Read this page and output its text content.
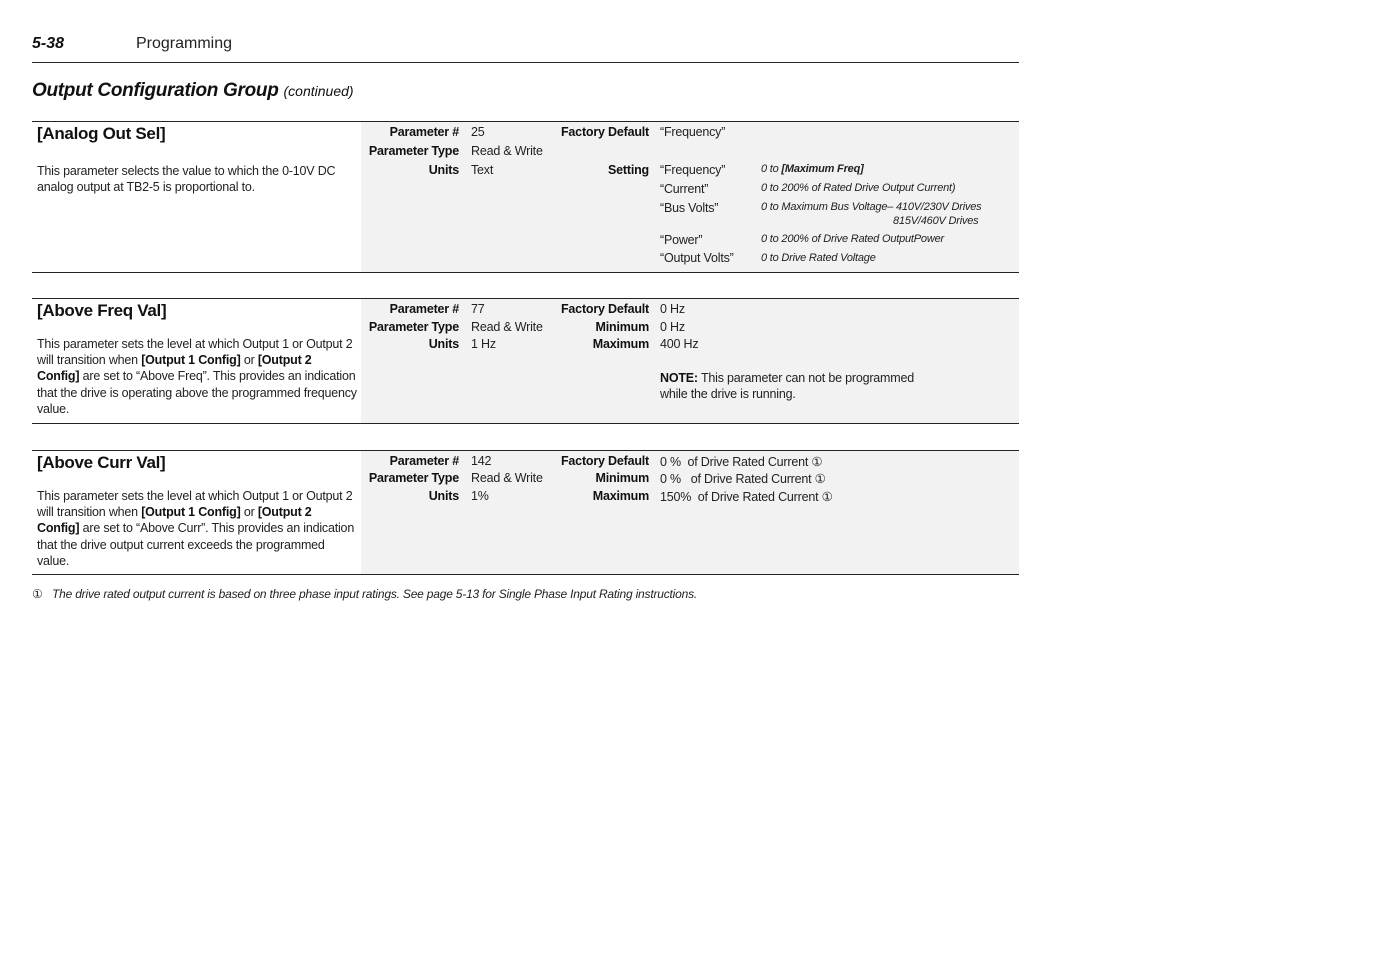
5-38	Programming
Output Configuration Group (continued)
[Analog Out Sel]
This parameter selects the value to which the 0-10V DC analog output at TB2-5 is proportional to.
Parameter # 25
Parameter Type Read & Write
Units Text
Factory Default “Frequency”
Setting “Frequency”	0 to [Maximum Freq]
“Current”	0 to 200% of Rated Drive Output Current)
“Bus Volts”	0 to Maximum Bus Voltage– 410V/230V Drives
815V/460V Drives
“Power”	0 to 200% of Drive Rated OutputPower
“Output Volts” 0 to Drive Rated Voltage
[Above Freq Val]
This parameter sets the level at which Output 1 or Output 2 will transition when [Output 1 Config] or [Output 2 Config] are set to “Above Freq”. This provides an indication that the drive is operating above the programmed frequency value.
Parameter # 77
Parameter Type Read & Write
Units 1 Hz
Factory Default 0 Hz
Minimum 0 Hz
Maximum 400 Hz
NOTE: This parameter can not be programmed while the drive is running.
[Above Curr Val]
This parameter sets the level at which Output 1 or Output 2 will transition when [Output 1 Config] or [Output 2 Config] are set to “Above Curr”. This provides an indication that the drive output current exceeds the programmed value.
Parameter # 142
Parameter Type Read & Write
Units 1%
Factory Default 0 %  of Drive Rated Current ①
Minimum 0 %   of Drive Rated Current ①
Maximum 150%  of Drive Rated Current ①
① The drive rated output current is based on three phase input ratings. See page 5-13 for Single Phase Input Rating instructions.
